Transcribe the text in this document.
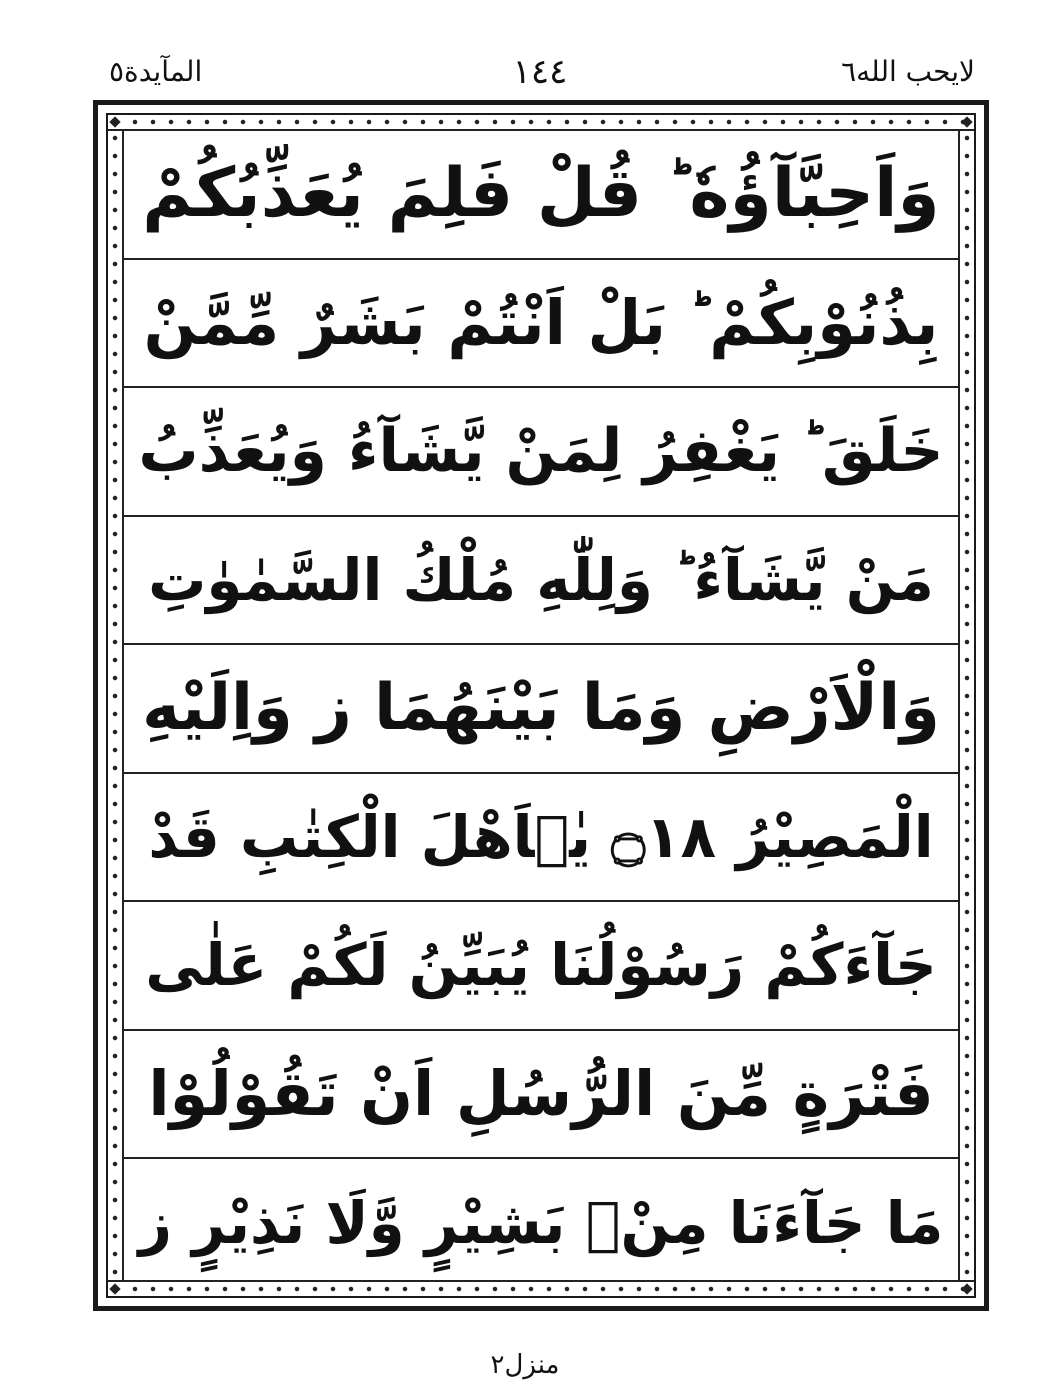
المآيدة٥	١٤٤	لايحب الله٦
وَاَحِبَّآؤُهٗ ؕ قُلْ فَلِمَ يُعَذِّبُكُمْ
بِذُنُوْبِكُمْ ؕ بَلْ اَنْتُمْ بَشَرٌ مِّمَّنْ
خَلَقَ ؕ يَغْفِرُ لِمَنْ يَّشَآءُ وَيُعَذِّبُ
مَنْ يَّشَآءُ ؕ وَلِلّٰهِ مُلْكُ السَّمٰوٰتِ
وَالْاَرْضِ وَمَا بَيْنَهُمَا ز وَاِلَيْهِ
الْمَصِيْرُ ۝١٨ يٰۤاَهْلَ الْكِتٰبِ قَدْ
جَآءَكُمْ رَسُوْلُنَا يُبَيِّنُ لَكُمْ عَلٰى
فَتْرَةٍ مِّنَ الرُّسُلِ اَنْ تَقُوْلُوْا
مَا جَآءَنَا مِنْۢ بَشِيْرٍ وَّلَا نَذِيْرٍ ز
منزل٢
